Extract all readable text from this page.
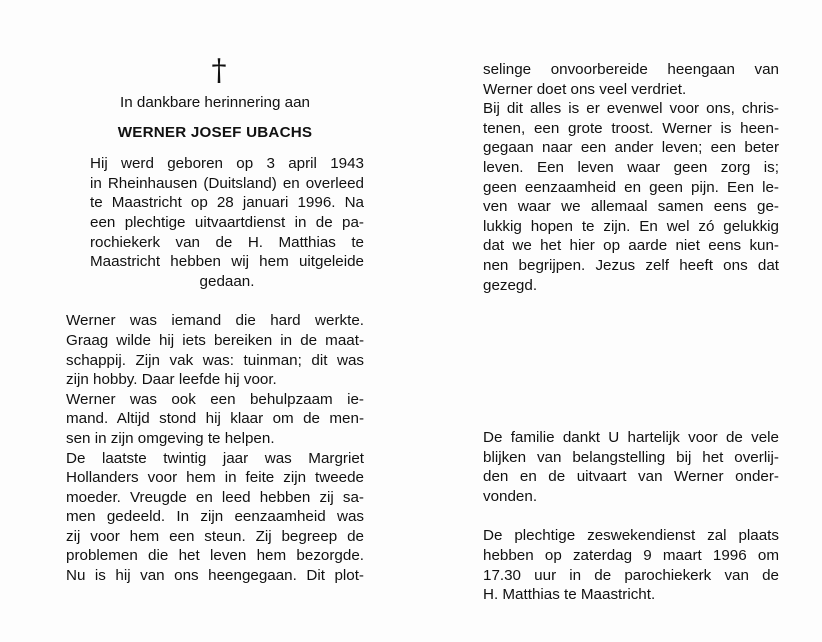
†
In dankbare herinnering aan
WERNER JOSEF UBACHS
Hij werd geboren op 3 april 1943
in Rheinhausen (Duitsland) en overleed
te Maastricht op 28 januari 1996. Na
een plechtige uitvaartdienst in de pa-
rochiekerk van de H. Matthias te
Maastricht hebben wij hem uitgeleide
gedaan.
Werner was iemand die hard werkte.
Graag wilde hij iets bereiken in de maat-
schappij. Zijn vak was: tuinman; dit was
zijn hobby. Daar leefde hij voor.
Werner was ook een behulpzaam ie-
mand. Altijd stond hij klaar om de men-
sen in zijn omgeving te helpen.
De laatste twintig jaar was Margriet
Hollanders voor hem in feite zijn tweede
moeder. Vreugde en leed hebben zij sa-
men gedeeld. In zijn eenzaamheid was
zij voor hem een steun. Zij begreep de
problemen die het leven hem bezorgde.
Nu is hij van ons heengegaan. Dit plot-
selinge onvoorbereide heengaan van
Werner doet ons veel verdriet.
Bij dit alles is er evenwel voor ons, chris-
tenen, een grote troost. Werner is heen-
gegaan naar een ander leven; een beter
leven. Een leven waar geen zorg is;
geen eenzaamheid en geen pijn. Een le-
ven waar we allemaal samen eens ge-
lukkig hopen te zijn. En wel zó gelukkig
dat we het hier op aarde niet eens kun-
nen begrijpen. Jezus zelf heeft ons dat
gezegd.
De familie dankt U hartelijk voor de vele
blijken van belangstelling bij het overlij-
den en de uitvaart van Werner onder-
vonden.
De plechtige zeswekendienst zal plaats
hebben op zaterdag 9 maart 1996 om
17.30 uur in de parochiekerk van de
H. Matthias te Maastricht.
